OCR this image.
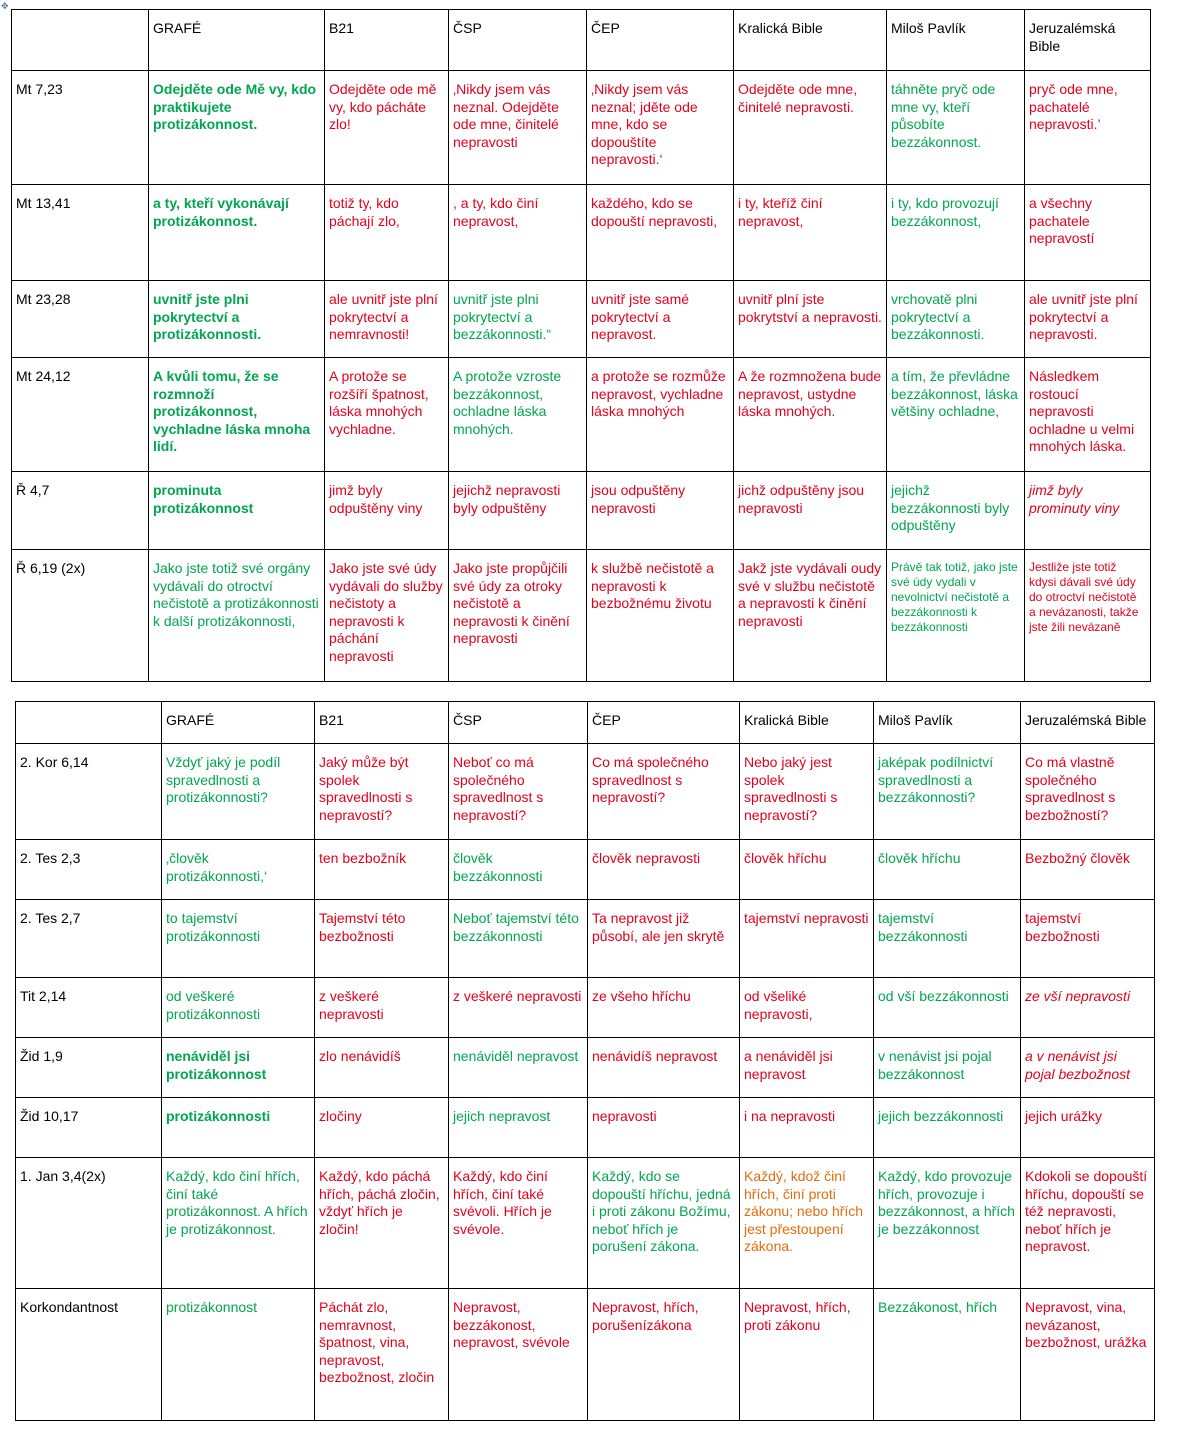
✥
	GRAFÉ	B21	ČSP	ČEP	Kralická Bible	Miloš Pavlík	Jeruzalémská Bible
Mt 7,23	Odejděte ode Mě vy, kdo praktikujete protizákonnost.	Odejděte ode mě vy, kdo pácháte zlo!	‚Nikdy jsem vás neznal. Odejděte ode mne, činitelé nepravosti	‚Nikdy jsem vás neznal; jděte ode mne, kdo se dopouštíte nepravosti.‘	Odejděte ode mne, činitelé nepravosti.	táhněte pryč ode mne vy, kteří působíte bezzákonnost.	pryč ode mne, pachatelé nepravosti.’

Mt 13,41	a ty, kteří vykonávají protizákonnost.	totiž ty, kdo páchají zlo,	, a ty, kdo činí nepravost,	každého, kdo se dopouští nepravosti,	i ty, kteříž činí nepravost,	i ty, kdo provozují bezzákonnost,	a všechny pachatele nepravostí

Mt 23,28	uvnitř jste plni pokrytectví a protizákonnosti.	ale uvnitř jste plní pokrytectví a nemravnosti!	uvnitř jste plni pokrytectví a bezzákonnosti.“	uvnitř jste samé pokrytectví a nepravost.	uvnitř plní jste pokrytství a nepravosti.	vrchovatě plni pokrytectví a bezzákonnosti.	ale uvnitř jste plní pokrytectví a nepravosti.

Mt 24,12	A kvůli tomu, že se rozmnoží protizákonnost, vychladne láska mnoha lidí.	A protože se rozšíří špatnost, láska mnohých vychladne.	A protože vzroste bezzákonnost, ochladne láska mnohých.	a protože se rozmůže nepravost, vychladne láska mnohých	A že rozmnožena bude nepravost, ustydne láska mnohých.	a tím, že převládne bezzákonnost, láska většiny ochladne,	Následkem rostoucí nepravosti ochladne u velmi mnohých láska.

Ř 4,7	prominuta protizákonnost	jimž byly odpuštěny viny	jejichž nepravosti byly odpuštěny	jsou odpuštěny nepravosti	jichž odpuštěny jsou nepravosti	jejichž bezzákonnosti byly odpuštěny	jimž byly prominuty viny

Ř 6,19 (2x)	Jako jste totiž své orgány vydávali do otroctví nečistotě a protizákonnosti k další protizákonnosti,	Jako jste své údy vydávali do služby nečistoty a nepravosti k páchání nepravosti	Jako jste propůjčili své údy za otroky nečistotě a nepravosti k činění nepravosti	k službě nečistotě a nepravosti k bezbožnému životu	Jakž jste vydávali oudy své v službu nečistotě a nepravosti k činění nepravosti	Právě tak totiž, jako jste své údy vydali v nevolnictví nečistotě a bezzákonnosti k bezzákonnosti	Jestliže jste totiž kdysi dávali své údy do otroctví nečistotě a nevázanosti, takže jste žili nevázaně
	GRAFÉ	B21	ČSP	ČEP	Kralická Bible	Miloš Pavlík	Jeruzalémská Bible
2. Kor 6,14	Vždyť jaký je podíl spravedlnosti a protizákonnosti?	Jaký může být spolek spravedlnosti s nepravostí?	Neboť co má společného spravedlnost s nepravostí?	Co má společného spravedlnost s nepravostí?	Nebo jaký jest spolek spravedlnosti s nepravostí?	jaképak podílnictví spravedlnosti a bezzákonnosti?	Co má vlastně společného spravedlnost s bezbožností?

2. Tes 2,3	‚člověk protizákonnosti,‘	ten bezbožník	člověk bezzákonnosti	člověk nepravosti	člověk hříchu	člověk hříchu	Bezbožný člověk

2. Tes 2,7	to tajemství protizákonnosti	Tajemství této bezbožnosti	Neboť tajemství této bezzákonnosti	Ta nepravost již působí, ale jen skrytě	tajemství nepravosti	tajemství bezzákonnosti	tajemství bezbožnosti

Tit 2,14	od veškeré protizákonnosti	z veškeré nepravosti	z veškeré nepravosti	ze všeho hříchu	od všeliké nepravosti,	od vší bezzákonnosti	ze vší nepravosti

Žid 1,9	nenáviděl jsi protizákonnost	zlo nenávidíš	nenáviděl nepravost	nenávidíš nepravost	a nenáviděl jsi nepravost	v nenávist jsi pojal bezzákonnost	a v nenávist jsi pojal bezbožnost

Žid 10,17	protizákonnosti	zločiny	jejich nepravost	nepravosti	i na nepravosti	jejich bezzákonnosti	jejich urážky

1. Jan 3,4(2x)	Každý, kdo činí hřích, činí také protizákonnost. A hřích je protizákonnost.	Každý, kdo páchá hřích, páchá zločin, vždyť hřích je zločin!	Každý, kdo činí hřích, činí také svévoli. Hřích je svévole.	Každý, kdo se dopouští hříchu, jedná i proti zákonu Božímu, neboť hřích je porušení zákona.	Každý, kdož činí hřích, činí proti zákonu; nebo hřích jest přestoupení zákona.	Každý, kdo provozuje hřích, provozuje i bezzákonnost, a hřích je bezzákonnost	Kdokoli se dopouští hříchu, dopouští se též nepravosti, neboť hřích je nepravost.

Korkondantnost	protizákonnost	Páchát zlo, nemravnost, špatnost, vina, nepravost, bezbožnost, zločin	Nepravost, bezzákonost, nepravost, svévole	Nepravost, hřích, porušenízákona	Nepravost, hřích, proti zákonu	Bezzákonost, hřích	Nepravost, vina, nevázanost, bezbožnost, urážka
